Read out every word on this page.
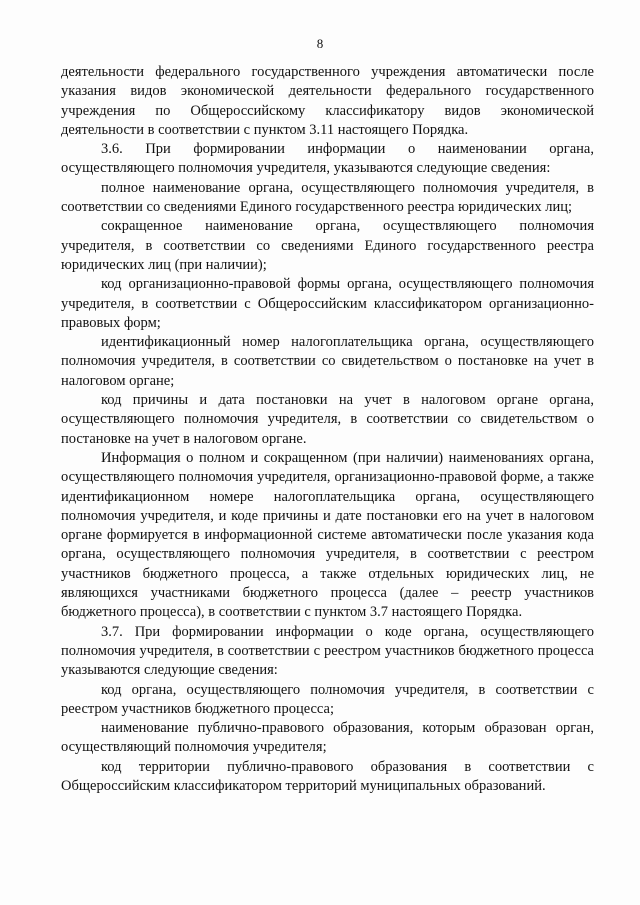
8

деятельности федерального государственного учреждения автоматически после указания видов экономической деятельности федерального государственного учреждения по Общероссийскому классификатору видов экономической деятельности в соответствии с пунктом 3.11 настоящего Порядка.

3.6. При формировании информации о наименовании органа, осуществляющего полномочия учредителя, указываются следующие сведения:

полное наименование органа, осуществляющего полномочия учредителя, в соответствии со сведениями Единого государственного реестра юридических лиц;

сокращенное наименование органа, осуществляющего полномочия учредителя, в соответствии со сведениями Единого государственного реестра юридических лиц (при наличии);

код организационно-правовой формы органа, осуществляющего полномочия учредителя, в соответствии с Общероссийским классификатором организационно-правовых форм;

идентификационный номер налогоплательщика органа, осуществляющего полномочия учредителя, в соответствии со свидетельством о постановке на учет в налоговом органе;

код причины и дата постановки на учет в налоговом органе органа, осуществляющего полномочия учредителя, в соответствии со свидетельством о постановке на учет в налоговом органе.

Информация о полном и сокращенном (при наличии) наименованиях органа, осуществляющего полномочия учредителя, организационно-правовой форме, а также идентификационном номере налогоплательщика органа, осуществляющего полномочия учредителя, и коде причины и дате постановки его на учет в налоговом органе формируется в информационной системе автоматически после указания кода органа, осуществляющего полномочия учредителя, в соответствии с реестром участников бюджетного процесса, а также отдельных юридических лиц, не являющихся участниками бюджетного процесса (далее – реестр участников бюджетного процесса), в соответствии с пунктом 3.7 настоящего Порядка.

3.7. При формировании информации о коде органа, осуществляющего полномочия учредителя, в соответствии с реестром участников бюджетного процесса указываются следующие сведения:

код органа, осуществляющего полномочия учредителя, в соответствии с реестром участников бюджетного процесса;

наименование публично-правового образования, которым образован орган, осуществляющий полномочия учредителя;

код территории публично-правового образования в соответствии с Общероссийским классификатором территорий муниципальных образований.
